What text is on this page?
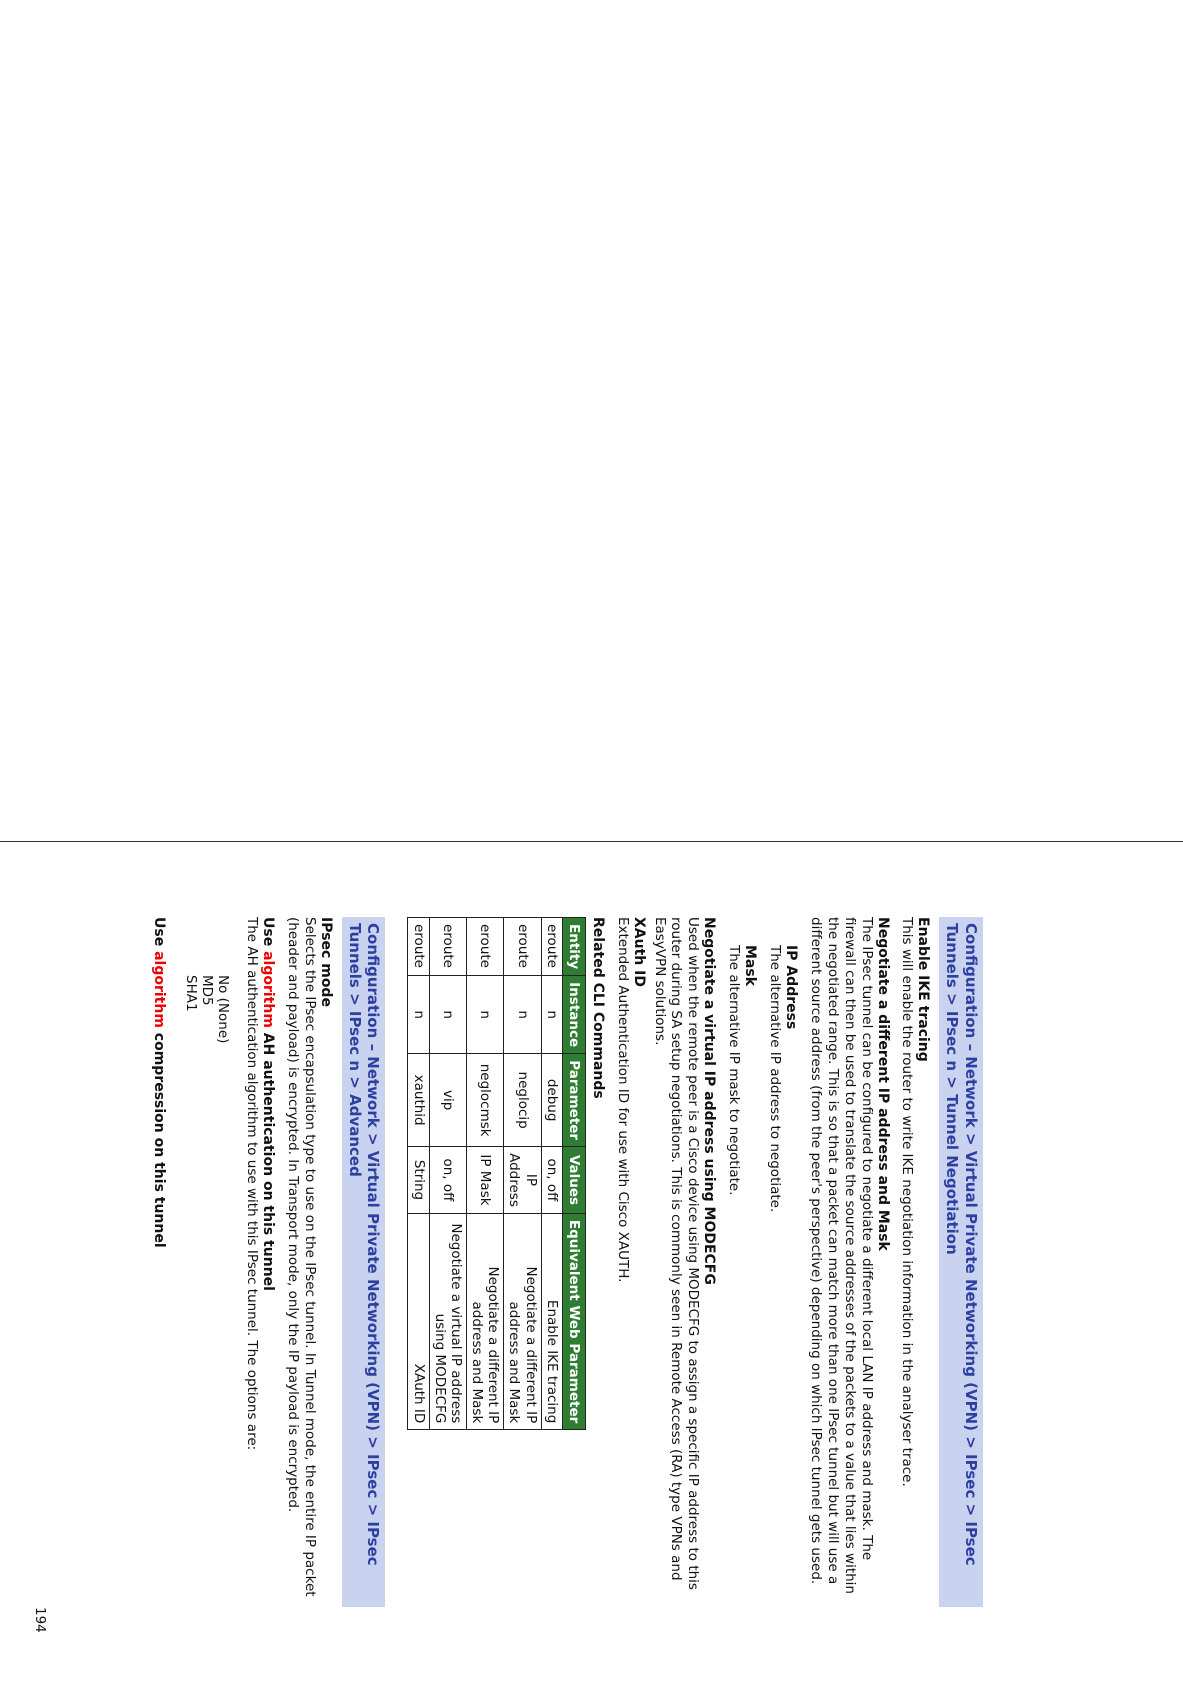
Configuration – Network > Virtual Private Networking (VPN) > IPsec > IPsec Tunnels > IPsec n > Tunnel Negotiation
Enable IKE tracing
This will enable the router to write IKE negotiation information in the analyser trace.
Negotiate a different IP address and Mask
The IPsec tunnel can be configured to negotiate a different local LAN IP address and mask. The firewall can then be used to translate the source addresses of the packets to a value that lies within the negotiated range. This is so that a packet can match more than one IPsec tunnel but will use a different source address (from the peer's perspective) depending on which IPsec tunnel gets used.
IP Address
The alternative IP address to negotiate.
Mask
The alternative IP mask to negotiate.
Negotiate a virtual IP address using MODECFG
Used when the remote peer is a Cisco device using MODECFG to assign a specific IP address to this router during SA setup negotiations. This is commonly seen in Remote Access (RA) type VPNs and EasyVPN solutions.
XAuth ID
Extended Authentication ID for use with Cisco XAUTH.
Related CLI Commands
Entity	Instance	Parameter	Values	Equivalent Web Parameter
eroute	n	debug	on, off	Enable IKE tracing
eroute	n	neglocip	IP Address	Negotiate a different IP address and Mask
eroute	n	neglocmsk	IP Mask	Negotiate a different IP address and Mask
eroute	n	vip	on, off	Negotiate a virtual IP address using MODECFG
eroute	n	xauthid	String	XAuth ID
Configuration – Network > Virtual Private Networking (VPN) > IPsec > IPsec Tunnels > IPsec n > Advanced
IPsec mode
Selects the IPsec encapsulation type to use on the IPsec tunnel. In Tunnel mode, the entire IP packet (header and payload) is encrypted. In Transport mode, only the IP payload is encrypted.
Use algorithm AH authentication on this tunnel
The AH authentication algorithm to use with this IPsec tunnel. The options are:
No (None)
MD5
SHA1
Use algorithm compression on this tunnel
194
